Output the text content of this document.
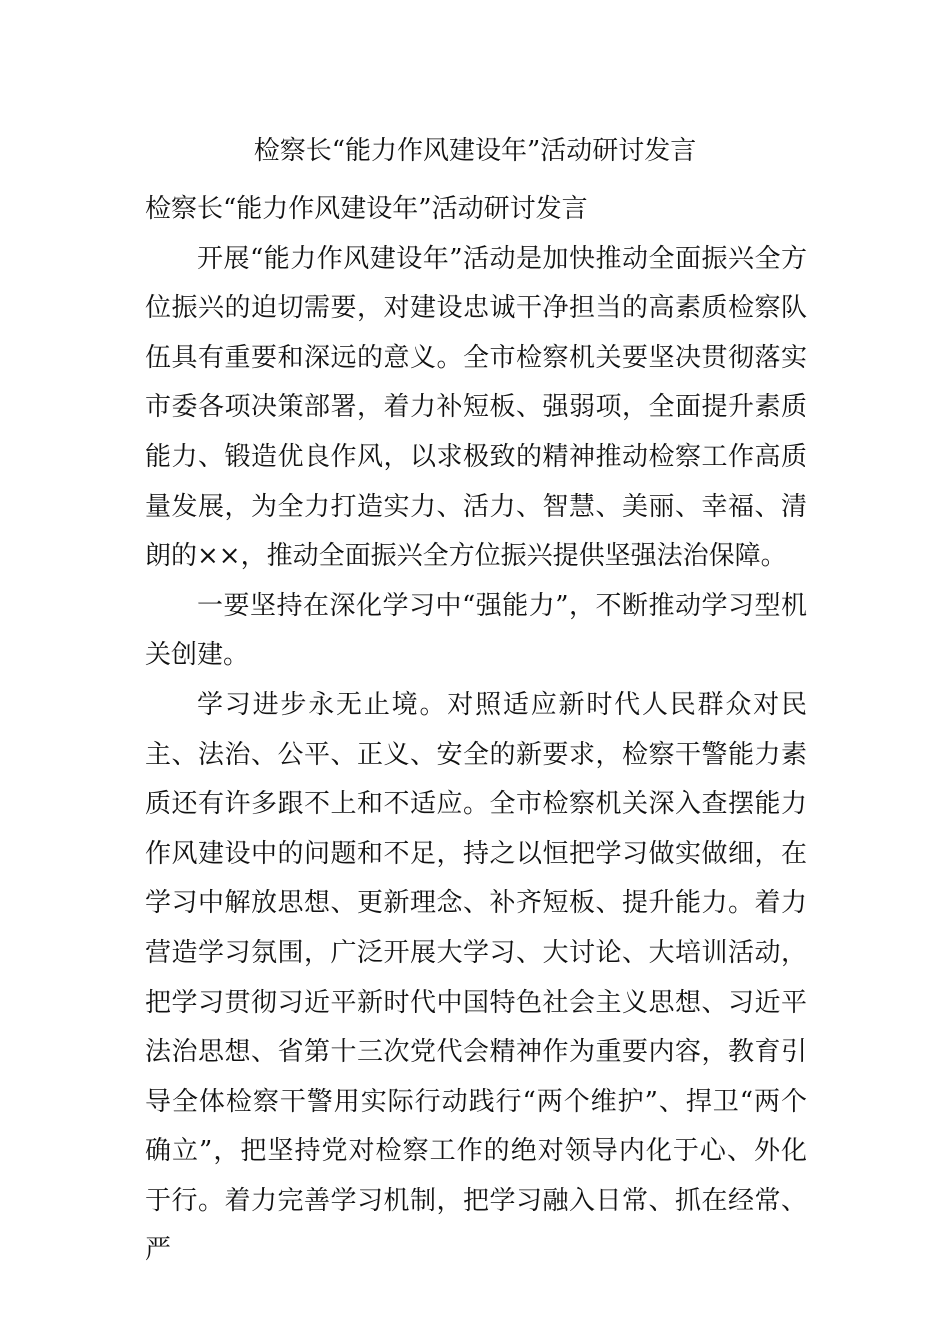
检察长“能力作风建设年”活动研讨发言

检察长“能力作风建设年”活动研讨发言

开展“能力作风建设年”活动是加快推动全面振兴全方位振兴的迫切需要，对建设忠诚干净担当的高素质检察队伍具有重要和深远的意义。全市检察机关要坚决贯彻落实市委各项决策部署，着力补短板、强弱项，全面提升素质能力、锻造优良作风，以求极致的精神推动检察工作高质量发展，为全力打造实力、活力、智慧、美丽、幸福、清朗的××，推动全面振兴全方位振兴提供坚强法治保障。

一要坚持在深化学习中“强能力”，不断推动学习型机关创建。

学习进步永无止境。对照适应新时代人民群众对民主、法治、公平、正义、安全的新要求，检察干警能力素质还有许多跟不上和不适应。全市检察机关深入查摆能力作风建设中的问题和不足，持之以恒把学习做实做细，在学习中解放思想、更新理念、补齐短板、提升能力。着力营造学习氛围，广泛开展大学习、大讨论、大培训活动，把学习贯彻习近平新时代中国特色社会主义思想、习近平法治思想、省第十三次党代会精神作为重要内容，教育引导全体检察干警用实际行动践行“两个维护”、捍卫“两个确立”，把坚持党对检察工作的绝对领导内化于心、外化于行。着力完善学习机制，把学习融入日常、抓在经常、严
